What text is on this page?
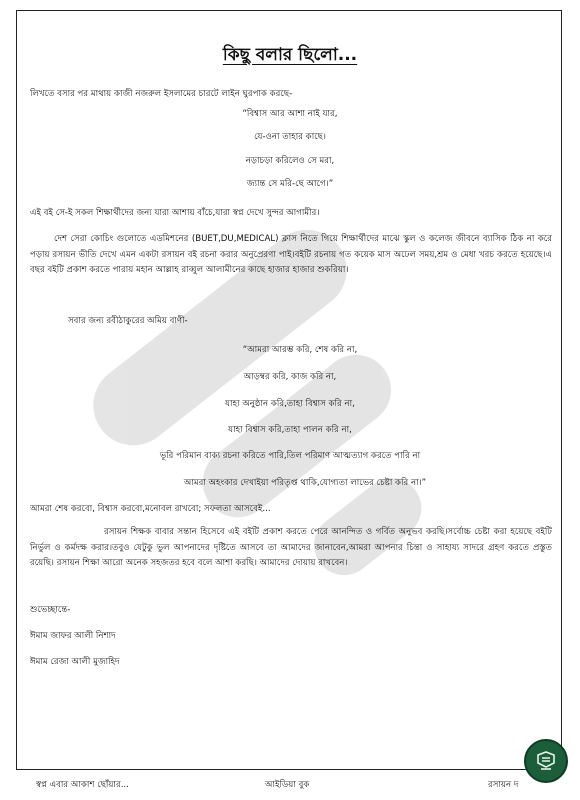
কিছু বলার ছিলো...
লিখতে বসার পর মাথায় কাজী নজরুল ইসলামের চারটে লাইন ঘুরপাক করছে-
“বিশ্বাস আর আশা নাই যার,
যে-ওনা তাহার কাছে।
নড়াচড়া করিলেও সে মরা,
জ্যান্ত সে মরি-ছে আগে।”
এই বই সে-ই সকল শিক্ষার্থীদের জন্য যারা আশায় বাঁচে,যারা স্বপ্ন দেখে সুন্দর আগামীর।
দেশ সেরা কোচিং গুলোতে এডমিশনের (BUET,DU,MEDICAL) ক্লাস নিতে গিয়ে শিক্ষার্থীদের মাঝে স্কুল ও কলেজ জীবনে ব্যাসিক ঠিক না করে পড়ায় রসায়ন ভীতি দেখে এমন একটা রসায়ন বই রচনা করার অনুপ্রেরণা পাই।বইটি রচনায় গত কয়েক মাস অঢেল সময়,শ্রম ও মেধা খরচ করতে হয়েছে।এ বছর বইটি প্রকাশ করতে পারায় মহান আল্লাহ রাব্বুল আলামীনের কাছে হাজার হাজার শুকরিয়া।
সবার জন্য রবীঠাকুরের অমিয় বাণী-
“আমরা আরম্ভ করি, শেষ করি না,
আড়ম্বর করি, কাজ করি না,
যাহা অনুষ্ঠান করি,তাহা বিশ্বাস করি না,
যাহা বিশ্বাস করি,তাহা পালন করি না,
ভূরি পরিমান বাক্য রচনা করিতে পারি,তিল পরিমাণ আত্মত্যাগ করতে পারি না
আমরা অহংকার দেখাইয়া পরিতৃপ্ত থাকি,যোগ্যতা লাভের চেষ্টা করি না।”
আমরা শেষ করবো, বিশ্বাস করবো,মনোবল রাখবো; সফলতা আসবেই...
রসায়ন শিক্ষক বাবার সন্তান হিসেবে এই বইটি প্রকাশ করতে পেরে আনন্দিত ও গর্বিত অনুভব করছি।সর্বোচ্চ চেষ্টা করা হয়েছে বইটি নির্ভুল ও কর্মদক্ষ করার।তবুও যেটুকু ভুল আপনাদের দৃষ্টিতে আসবে তা আমাদের জানাবেন,আমরা আপনার চিন্তা ও সাহায্য সাদরে গ্রহণ করতে প্রস্তুত রয়েছি। রসায়ন শিক্ষা আরো অনেক সহজতর হবে বলে আশা করছি। আমাদের দোয়ায় রাখবেন।
শুভেচ্ছান্তে-
ঈমাম জাফর আলী নিশাদ
ঈমাম রেজা আলী মুজাহিদ
স্বপ্ন এবার আকাশ ছোঁয়ার...	আইডিয়া বুক	রসায়ন দ
